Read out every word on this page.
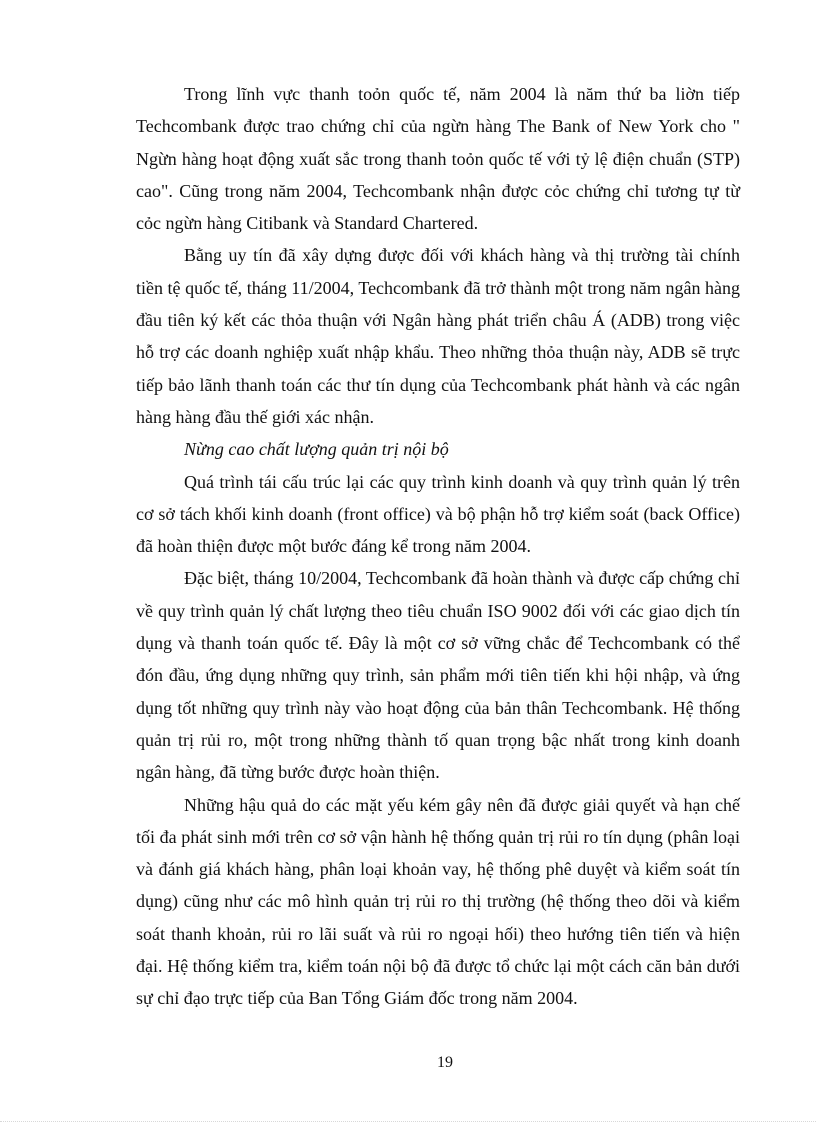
Trong lĩnh vực thanh toỏn quốc tế, năm 2004 là năm thứ ba liờn tiếp Techcombank được trao chứng chỉ của ngừn hàng The Bank of New York cho " Ngừn hàng hoạt động xuất sắc trong thanh toỏn quốc tế với tỷ lệ điện chuẩn (STP) cao". Cũng trong năm 2004, Techcombank nhận được cỏc chứng chỉ tương tự từ cỏc ngừn hàng Citibank và Standard Chartered.

Bằng uy tín đã xây dựng được đối với khách hàng và thị trường tài chính tiền tệ quốc tế, tháng 11/2004, Techcombank đã trở thành một trong năm ngân hàng đầu tiên ký kết các thỏa thuận với Ngân hàng phát triển châu Á (ADB) trong việc hỗ trợ các doanh nghiệp xuất nhập khẩu. Theo những thỏa thuận này, ADB sẽ trực tiếp bảo lãnh thanh toán các thư tín dụng của Techcombank phát hành và các ngân hàng hàng đầu thế giới xác nhận.

Nừng cao chất lượng quản trị nội bộ

Quá trình tái cấu trúc lại các quy trình kinh doanh và quy trình quản lý trên cơ sở tách khối kinh doanh (front office) và bộ phận hỗ trợ kiểm soát (back Office) đã hoàn thiện được một bước đáng kể trong năm 2004.

Đặc biệt, tháng 10/2004, Techcombank đã hoàn thành và được cấp chứng chỉ về quy trình quản lý chất lượng theo tiêu chuẩn ISO 9002 đối với các giao dịch tín dụng và thanh toán quốc tế. Đây là một cơ sở vững chắc để Techcombank có thể đón đầu, ứng dụng những quy trình, sản phẩm mới tiên tiến khi hội nhập, và ứng dụng tốt những quy trình này vào hoạt động của bản thân Techcombank. Hệ thống quản trị rủi ro, một trong những thành tố quan trọng bậc nhất trong kinh doanh ngân hàng, đã từng bước được hoàn thiện.

Những hậu quả do các mặt yếu kém gây nên đã được giải quyết và hạn chế tối đa phát sinh mới trên cơ sở vận hành hệ thống quản trị rủi ro tín dụng (phân loại và đánh giá khách hàng, phân loại khoản vay, hệ thống phê duyệt và kiểm soát tín dụng) cũng như các mô hình quản trị rủi ro thị trường (hệ thống theo dõi và kiểm soát thanh khoản, rủi ro lãi suất và rủi ro ngoại hối) theo hướng tiên tiến và hiện đại. Hệ thống kiểm tra, kiểm toán nội bộ đã được tổ chức lại một cách căn bản dưới sự chỉ đạo trực tiếp của Ban Tổng Giám đốc trong năm 2004.

19
